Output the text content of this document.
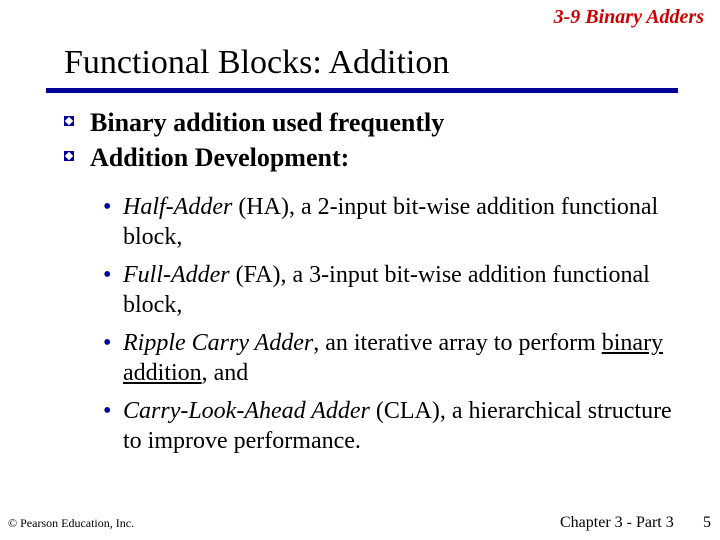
3-9 Binary Adders
Functional Blocks: Addition
Binary addition used frequently
Addition Development:
• Half-Adder (HA), a 2-input bit-wise addition functional block,
• Full-Adder (FA), a 3-input bit-wise addition functional block,
• Ripple Carry Adder, an iterative array to perform binary addition, and
• Carry-Look-Ahead Adder (CLA), a hierarchical structure to improve performance.
© Pearson Education, Inc.	Chapter 3 - Part 3 5
